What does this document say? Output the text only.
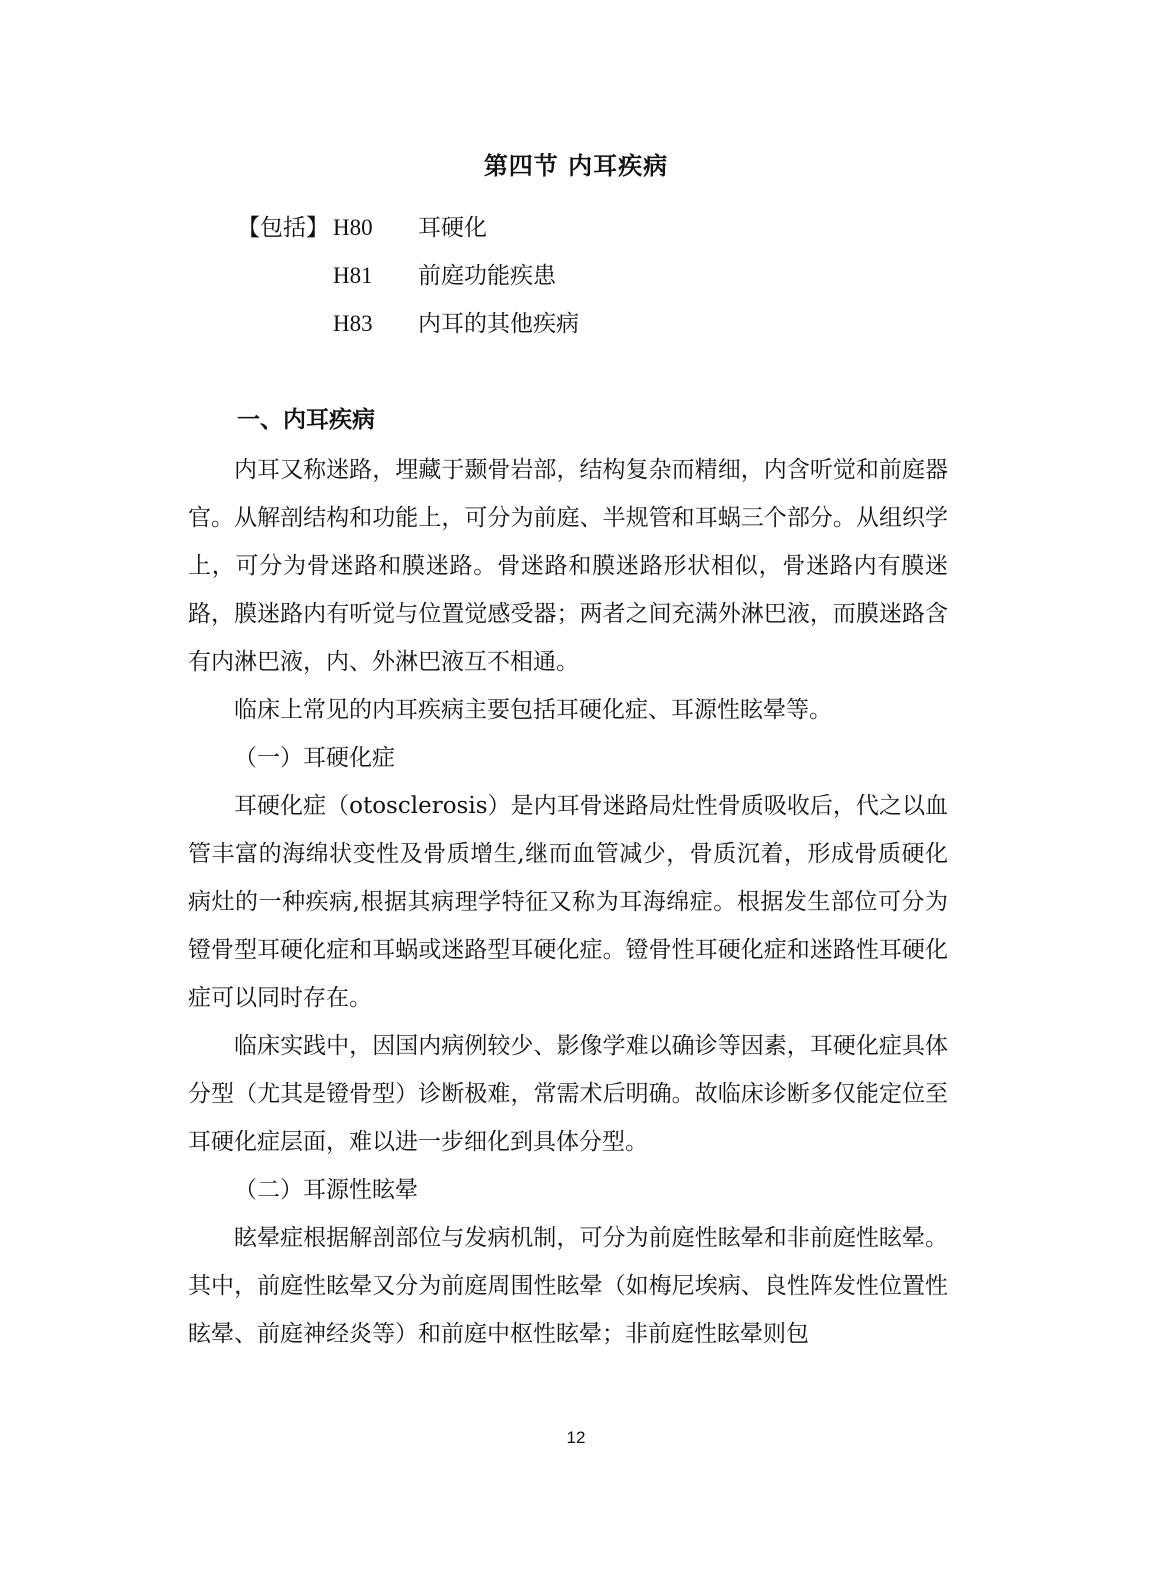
第四节 内耳疾病
【包括】 H80 耳硬化
H81 前庭功能疾患
H83 内耳的其他疾病
一、内耳疾病

内耳又称迷路，埋藏于颞骨岩部，结构复杂而精细，内含听觉和前庭器官。从解剖结构和功能上，可分为前庭、半规管和耳蜗三个部分。从组织学上，可分为骨迷路和膜迷路。骨迷路和膜迷路形状相似，骨迷路内有膜迷路，膜迷路内有听觉与位置觉感受器；两者之间充满外淋巴液，而膜迷路含有内淋巴液，内、外淋巴液互不相通。

临床上常见的内耳疾病主要包括耳硬化症、耳源性眩晕等。

（一）耳硬化症

耳硬化症（otosclerosis）是内耳骨迷路局灶性骨质吸收后，代之以血管丰富的海绵状变性及骨质增生,继而血管减少，骨质沉着，形成骨质硬化病灶的一种疾病,根据其病理学特征又称为耳海绵症。根据发生部位可分为镫骨型耳硬化症和耳蜗或迷路型耳硬化症。镫骨性耳硬化症和迷路性耳硬化症可以同时存在。

临床实践中，因国内病例较少、影像学难以确诊等因素，耳硬化症具体分型（尤其是镫骨型）诊断极难，常需术后明确。故临床诊断多仅能定位至耳硬化症层面，难以进一步细化到具体分型。

（二）耳源性眩晕

眩晕症根据解剖部位与发病机制，可分为前庭性眩晕和非前庭性眩晕。其中，前庭性眩晕又分为前庭周围性眩晕（如梅尼埃病、良性阵发性位置性眩晕、前庭神经炎等）和前庭中枢性眩晕；非前庭性眩晕则包

12
